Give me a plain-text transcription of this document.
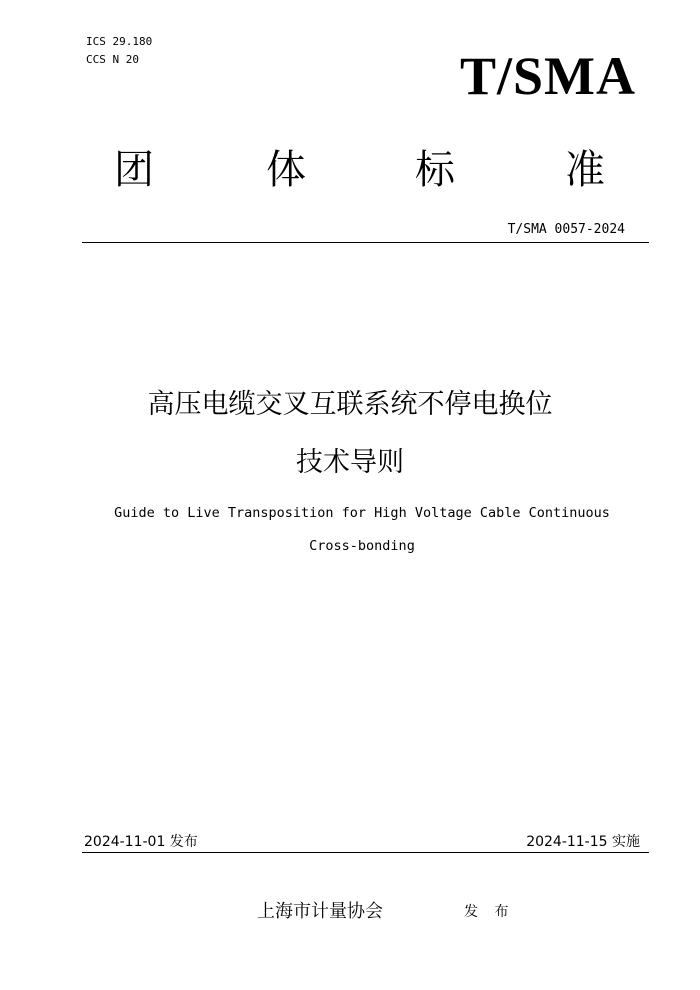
ICS 29.180
CCS N 20	T/SMA
团	体	标	准
T/SMA 0057-2024
高压电缆交叉互联系统不停电换位
技术导则
Guide to Live Transposition for High Voltage Cable Continuous
Cross-bonding
2024-11-01 发布	2024-11-15 实施
上海市计量协会	发 布
